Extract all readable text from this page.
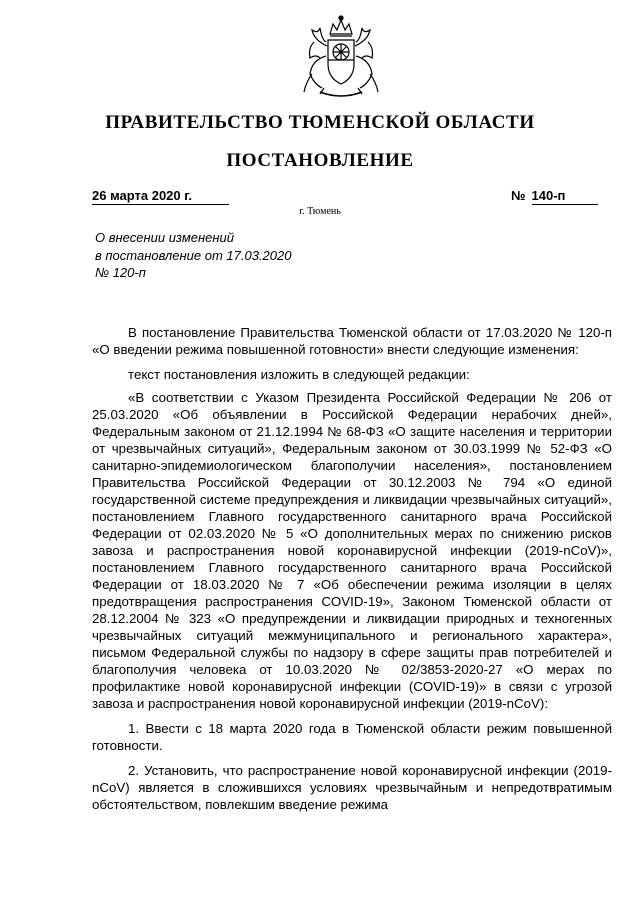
ПРАВИТЕЛЬСТВО ТЮМЕНСКОЙ ОБЛАСТИ
ПОСТАНОВЛЕНИЕ
26 марта 2020 г.	№ 140-п
г. Тюмень
О внесении изменений
в постановление от 17.03.2020
№ 120-п

В постановление Правительства Тюменской области от 17.03.2020 № 120-п «О введении режима повышенной готовности» внести следующие изменения:

текст постановления изложить в следующей редакции:

«В соответствии с Указом Президента Российской Федерации № 206 от 25.03.2020 «Об объявлении в Российской Федерации нерабочих дней», Федеральным законом от 21.12.1994 № 68-ФЗ «О защите населения и территории от чрезвычайных ситуаций», Федеральным законом от 30.03.1999 № 52-ФЗ «О санитарно-эпидемиологическом благополучии населения», постановлением Правительства Российской Федерации от 30.12.2003 № 794 «О единой государственной системе предупреждения и ликвидации чрезвычайных ситуаций», постановлением Главного государственного санитарного врача Российской Федерации от 02.03.2020 № 5 «О дополнительных мерах по снижению рисков завоза и распространения новой коронавирусной инфекции (2019-nCoV)», постановлением Главного государственного санитарного врача Российской Федерации от 18.03.2020 № 7 «Об обеспечении режима изоляции в целях предотвращения распространения COVID-19», Законом Тюменской области от 28.12.2004 № 323 «О предупреждении и ликвидации природных и техногенных чрезвычайных ситуаций межмуниципального и регионального характера», письмом Федеральной службы по надзору в сфере защиты прав потребителей и благополучия человека от 10.03.2020 № 02/3853-2020-27 «О мерах по профилактике новой коронавирусной инфекции (COVID-19)» в связи с угрозой завоза и распространения новой коронавирусной инфекции (2019-nCoV):

1. Ввести с 18 марта 2020 года в Тюменской области режим повышенной готовности.

2. Установить, что распространение новой коронавирусной инфекции (2019-nCoV) является в сложившихся условиях чрезвычайным и непредотвратимым обстоятельством, повлекшим введение режима
